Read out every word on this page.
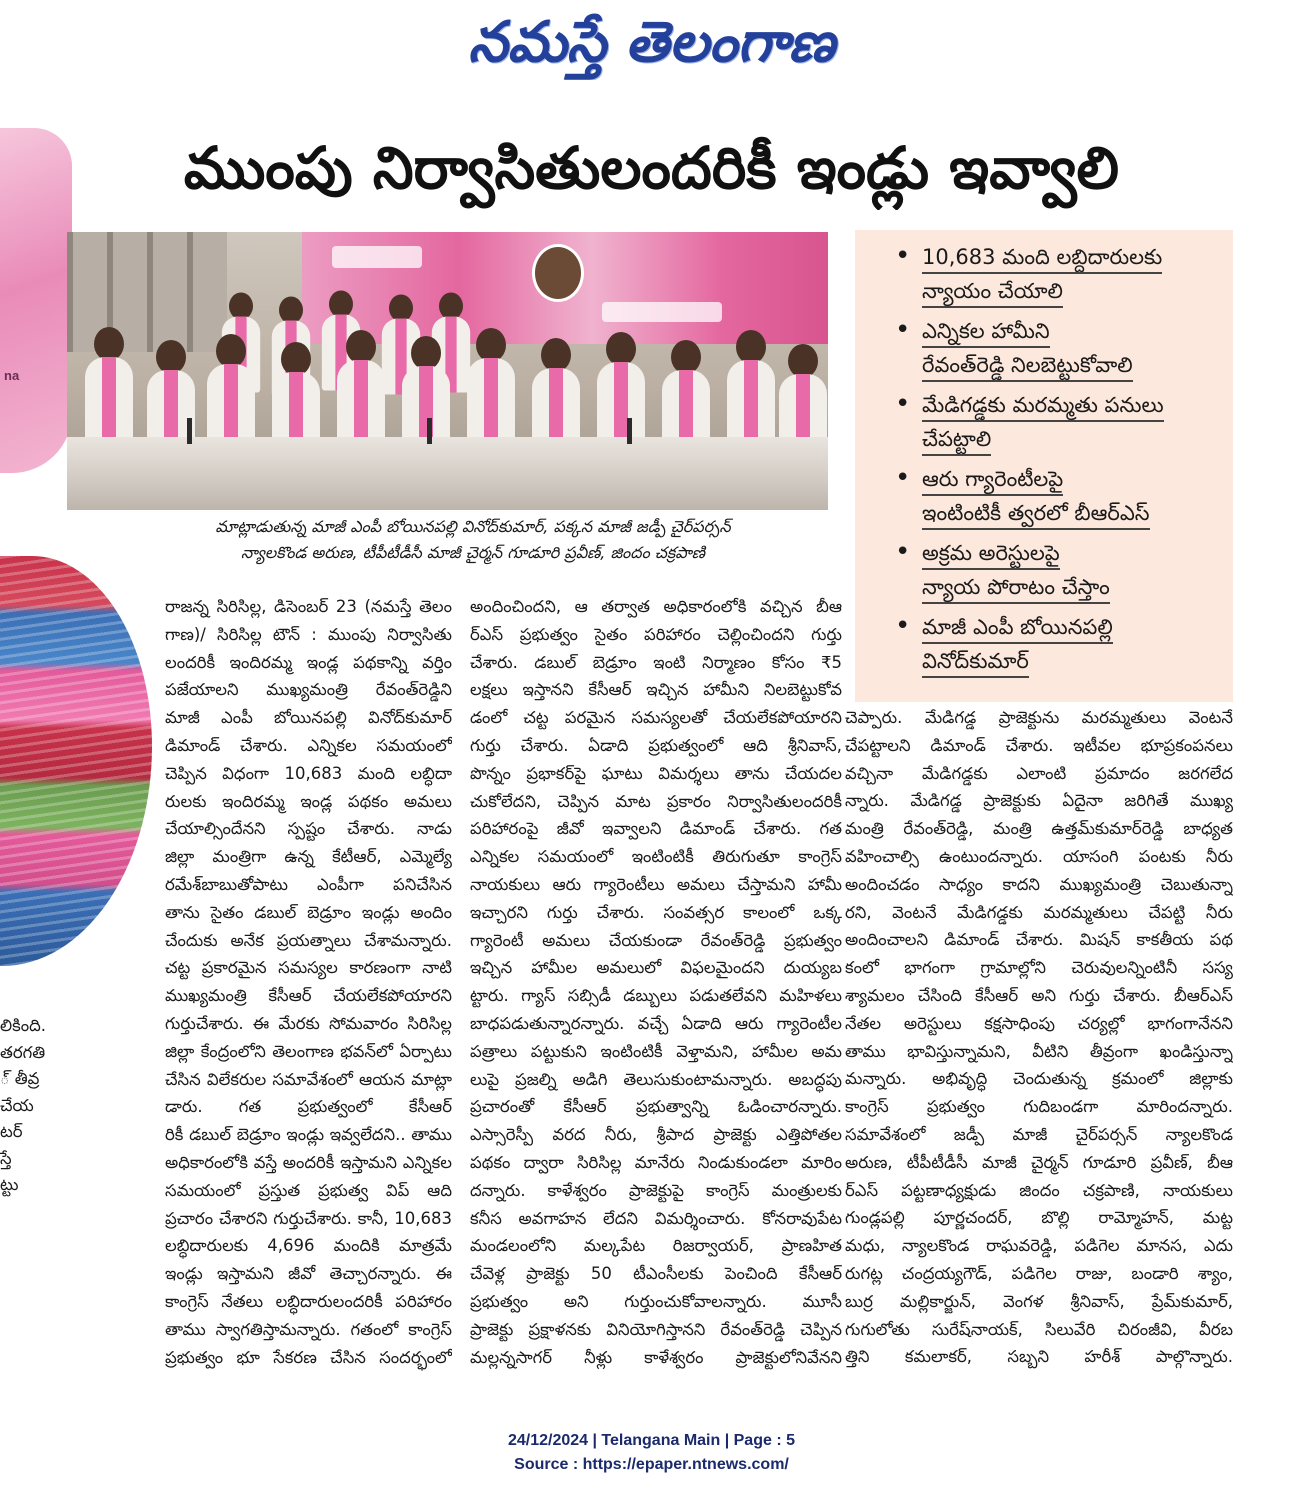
నమస్తే తెలంగాణ
ముంపు నిర్వాసితులందరికీ ఇండ్లు ఇవ్వాలి
na
మాట్లాడుతున్న మాజీ ఎంపీ బోయినపల్లి వినోద్‌కుమార్, పక్కన మాజీ జడ్పీ చైర్‌పర్సన్
న్యాలకొండ అరుణ, టీపీటీడీసీ మాజీ చైర్మన్ గూడూరి ప్రవీణ్, జిందం చక్రపాణి
• 10,683 మంది లబ్ధిదారులకు
న్యాయం చేయాలి
• ఎన్నికల హామీని
రేవంత్‌రెడ్డి నిలబెట్టుకోవాలి
• మేడిగడ్డకు మరమ్మతు పనులు
చేపట్టాలి
• ఆరు గ్యారెంటీలపై
ఇంటింటికీ త్వరలో బీఆర్‌ఎస్
• అక్రమ అరెస్టులపై
న్యాయ పోరాటం చేస్తాం
• మాజీ ఎంపీ బోయినపల్లి
వినోద్‌కుమార్
రాజన్న సిరిసిల్ల, డిసెంబర్ 23 (నమస్తే తెలం
గాణ)/ సిరిసిల్ల టౌన్ : ముంపు నిర్వాసితు
లందరికీ ఇందిరమ్మ ఇండ్ల పథకాన్ని వర్తిం
పజేయాలని ముఖ్యమంత్రి రేవంత్‌రెడ్డిని
మాజీ ఎంపీ బోయినపల్లి వినోద్‌కుమార్
డిమాండ్ చేశారు. ఎన్నికల సమయంలో
చెప్పిన విధంగా 10,683 మంది లబ్ధిదా
రులకు ఇందిరమ్మ ఇండ్ల పథకం అమలు
చేయాల్సిందేనని స్పష్టం చేశారు. నాడు
జిల్లా మంత్రిగా ఉన్న కేటీఆర్, ఎమ్మెల్యే
రమేశ్‌బాబుతోపాటు ఎంపీగా పనిచేసిన
తాను సైతం డబుల్ బెడ్రూం ఇండ్లు అందిం
చేందుకు అనేక ప్రయత్నాలు చేశామన్నారు.
చట్ట ప్రకారమైన సమస్యల కారణంగా నాటి
ముఖ్యమంత్రి కేసీఆర్ చేయలేకపోయారని
గుర్తుచేశారు. ఈ మేరకు సోమవారం సిరిసిల్ల
జిల్లా కేంద్రంలోని తెలంగాణ భవన్‌లో ఏర్పాటు
చేసిన విలేకరుల సమావేశంలో ఆయన మాట్లా
డారు. గత ప్రభుత్వంలో కేసీఆర్
రికీ డబుల్ బెడ్రూం ఇండ్లు ఇవ్వలేదని.. తాము
అధికారంలోకి వస్తే అందరికీ ఇస్తామని ఎన్నికల
సమయంలో ప్రస్తుత ప్రభుత్వ విప్ ఆది
ప్రచారం చేశారని గుర్తుచేశారు. కానీ, 10,683
లబ్ధిదారులకు 4,696 మందికి మాత్రమే
ఇండ్లు ఇస్తామని జీవో తెచ్చారన్నారు. ఈ
కాంగ్రెస్ నేతలు లబ్ధిదారులందరికీ పరిహారం
తాము స్వాగతిస్తామన్నారు. గతంలో కాంగ్రెస్
ప్రభుత్వం భూ సేకరణ చేసిన సందర్భంలో
అందించిందని, ఆ తర్వాత అధికారంలోకి వచ్చిన బీఆ
ర్ఎస్ ప్రభుత్వం సైతం పరిహారం చెల్లించిందని గుర్తు
చేశారు. డబుల్ బెడ్రూం ఇంటి నిర్మాణం కోసం ₹5
లక్షలు ఇస్తానని కేసీఆర్ ఇచ్చిన హామీని నిలబెట్టుకోవ
డంలో చట్ట పరమైన సమస్యలతో చేయలేకపోయారని
గుర్తు చేశారు. ఏడాది ప్రభుత్వంలో ఆది శ్రీనివాస్,
పొన్నం ప్రభాకర్‌పై ఘాటు విమర్శలు తాను చేయదల
చుకోలేదని, చెప్పిన మాట ప్రకారం నిర్వాసితులందరికీ
పరిహారంపై జీవో ఇవ్వాలని డిమాండ్ చేశారు. గత
ఎన్నికల సమయంలో ఇంటింటికీ తిరుగుతూ కాంగ్రెస్
నాయకులు ఆరు గ్యారెంటీలు అమలు చేస్తామని హామీ
ఇచ్చారని గుర్తు చేశారు. సంవత్సర కాలంలో ఒక్క
గ్యారెంటీ అమలు చేయకుండా రేవంత్‌రెడ్డి ప్రభుత్వం
ఇచ్చిన హామీల అమలులో విఫలమైందని దుయ్యబ
ట్టారు. గ్యాస్ సబ్సిడీ డబ్బులు పడుతలేవని మహిళలు
బాధపడుతున్నారన్నారు. వచ్చే ఏడాది ఆరు గ్యారెంటీల
పత్రాలు పట్టుకుని ఇంటింటికీ వెళ్తామని, హామీల అమ
లుపై ప్రజల్ని అడిగి తెలుసుకుంటామన్నారు. అబద్ధపు
ప్రచారంతో కేసీఆర్ ప్రభుత్వాన్ని ఓడించారన్నారు.
ఎస్సారెస్పీ వరద నీరు, శ్రీపాద ప్రాజెక్టు ఎత్తిపోతల
పథకం ద్వారా సిరిసిల్ల మానేరు నిండుకుండలా మారిం
దన్నారు. కాళేశ్వరం ప్రాజెక్టుపై కాంగ్రెస్ మంత్రులకు
కనీస అవగాహన లేదని విమర్శించారు. కోనరావుపేట
మండలంలోని మల్కపేట రిజర్వాయర్, ప్రాణహిత
చేవెళ్ల ప్రాజెక్టు 50 టీఎంసీలకు పెంచింది కేసీఆర్
ప్రభుత్వం అని గుర్తుంచుకోవాలన్నారు. మూసీ
ప్రాజెక్టు ప్రక్షాళనకు వినియోగిస్తానని రేవంత్‌రెడ్డి చెప్పిన
మల్లన్నసాగర్ నీళ్లు కాళేశ్వరం ప్రాజెక్టులోనివేనని
చెప్పారు. మేడిగడ్డ ప్రాజెక్టును మరమ్మతులు వెంటనే
చేపట్టాలని డిమాండ్ చేశారు. ఇటీవల భూప్రకంపనలు
వచ్చినా మేడిగడ్డకు ఎలాంటి ప్రమాదం జరగలేద
న్నారు. మేడిగడ్డ ప్రాజెక్టుకు ఏదైనా జరిగితే ముఖ్య
మంత్రి రేవంత్‌రెడ్డి, మంత్రి ఉత్తమ్‌కుమార్‌రెడ్డి బాధ్యత
వహించాల్సి ఉంటుందన్నారు. యాసంగి పంటకు నీరు
అందించడం సాధ్యం కాదని ముఖ్యమంత్రి చెబుతున్నా
రని, వెంటనే మేడిగడ్డకు మరమ్మతులు చేపట్టి నీరు
అందించాలని డిమాండ్ చేశారు. మిషన్ కాకతీయ పథ
కంలో భాగంగా గ్రామాల్లోని చెరువులన్నింటినీ సస్య
శ్యామలం చేసింది కేసీఆర్ అని గుర్తు చేశారు. బీఆర్ఎస్
నేతల అరెస్టులు కక్షసాధింపు చర్యల్లో భాగంగానేనని
తాము భావిస్తున్నామని, వీటిని తీవ్రంగా ఖండిస్తున్నా
మన్నారు. అభివృద్ధి చెందుతున్న క్రమంలో జిల్లాకు
కాంగ్రెస్ ప్రభుత్వం గుదిబండగా మారిందన్నారు.
సమావేశంలో జడ్పీ మాజీ చైర్‌పర్సన్ న్యాలకొండ
అరుణ, టీపీటీడీసీ మాజీ చైర్మన్ గూడూరి ప్రవీణ్, బీఆ
ర్ఎస్ పట్టణాధ్యక్షుడు జిందం చక్రపాణి, నాయకులు
గుండ్లపల్లి పూర్ణచందర్, బొల్లి రామ్మోహన్, మట్ట
మధు, న్యాలకొండ రాఘవరెడ్డి, పడిగెల మానస, ఎదు
రుగట్ల చంద్రయ్యగౌడ్, పడిగెల రాజు, బండారి శ్యాం,
బుర్ర మల్లికార్జున్, వెంగళ శ్రీనివాస్, ప్రేమ్‌కుమార్,
గుగులోతు సురేష్‌నాయక్, సిలువేరి చిరంజీవి, వీరబ
త్తిని కమలాకర్, సబ్బని హరీశ్ పాల్గొన్నారు.
లికింది.
తరగతి
్ తీవ్ర
చేయ
టర్
స్తే
ట్టు
24/12/2024 | Telangana Main | Page : 5
Source : https://epaper.ntnews.com/
